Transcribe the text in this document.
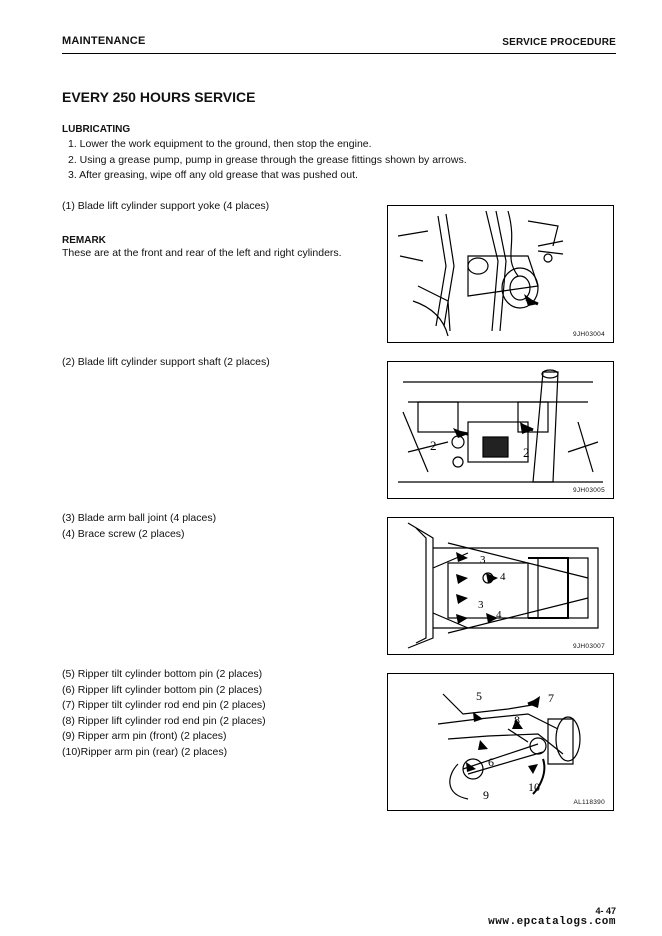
MAINTENANCE	SERVICE PROCEDURE
EVERY 250 HOURS SERVICE
LUBRICATING
1. Lower the work equipment to the ground, then stop the engine.
2. Using a grease pump, pump in grease through the grease fittings shown by arrows.
3. After greasing, wipe off any old grease that was pushed out.
(1) Blade lift cylinder support yoke (4 places)
REMARK
These are at the front and rear of the left and right cylinders.
9JH03004
(2) Blade lift cylinder support shaft (2 places)
2	2
9JH03005
(3) Blade arm ball joint (4 places)
(4) Brace screw (2 places)
3
3
4
4
9JH03007
(5) Ripper tilt cylinder bottom pin (2 places)
(6) Ripper lift cylinder bottom pin (2 places)
(7) Ripper tilt cylinder rod end pin (2 places)
(8) Ripper lift cylinder rod end pin (2 places)
(9) Ripper arm pin (front) (2 places)
(10)Ripper arm pin (rear) (2 places)
5
6
7
8
9
10
AL118390
4- 47
www.epcatalogs.com
